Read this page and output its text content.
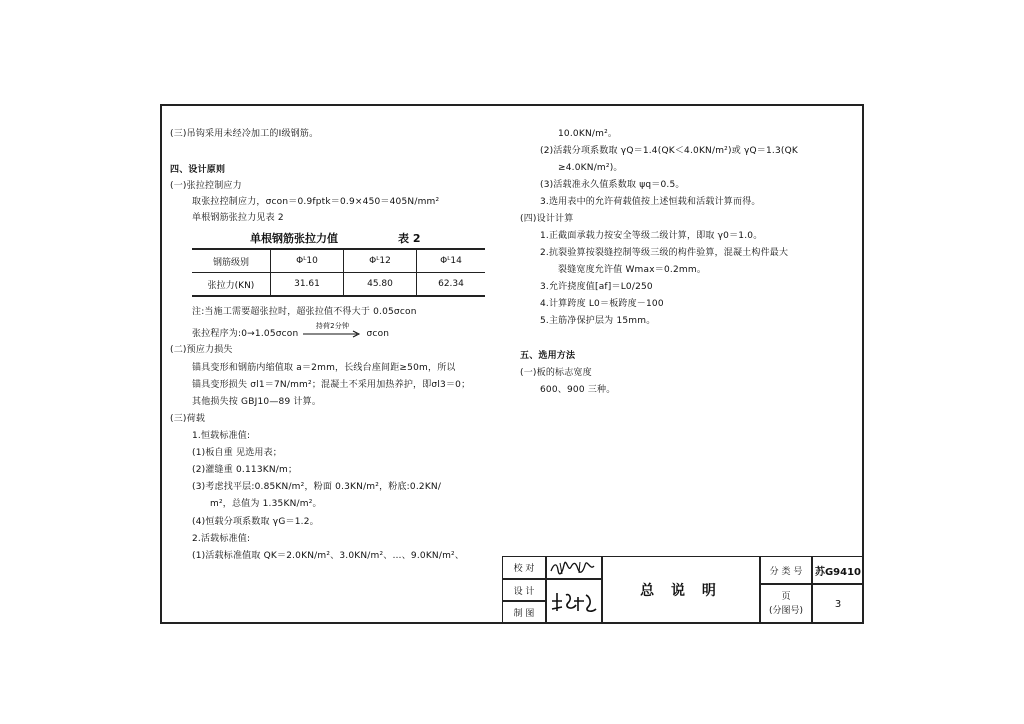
(三)吊钩采用未经冷加工的Ⅰ级钢筋。
四、设计原则
(一)张拉控制应力
取张拉控制应力，σcon＝0.9fptk＝0.9×450＝405N/mm²
单根钢筋张拉力见表 2
单根钢筋张拉力值	表 2
钢筋级别	Φᴸ10	Φᴸ12	Φᴸ14
张拉力(KN)	31.61	45.80	62.34
注:当施工需要超张拉时，超张拉值不得大于 0.05σcon
张拉程序为:0→1.05σcon
持荷2分钟
σcon
(二)预应力损失
锚具变形和钢筋内缩值取 a＝2mm，长线台座间距≥50m，所以
锚具变形损失 σl1＝7N/mm²；混凝土不采用加热养护，即σl3＝0；
其他损失按 GBJ10—89 计算。
(三)荷载
1.恒载标准值:
(1)板自重 见选用表；
(2)灌缝重 0.113KN/m；
(3)考虑找平层:0.85KN/m²，粉面 0.3KN/m²，粉底:0.2KN/
m²，总值为 1.35KN/m²。
(4)恒载分项系数取 γG＝1.2。
2.活载标准值:
(1)活载标准值取 QK＝2.0KN/m²、3.0KN/m²、…、9.0KN/m²、
10.0KN/m²。
(2)活载分项系数取 γQ＝1.4(QK＜4.0KN/m²)或 γQ＝1.3(QK
≥4.0KN/m²)。
(3)活载准永久值系数取 ψq＝0.5。
3.选用表中的允许荷载值按上述恒载和活载计算而得。
(四)设计计算
1.正截面承载力按安全等级二级计算，即取 γ0＝1.0。
2.抗裂验算按裂缝控制等级三级的构件验算，混凝土构件最大
裂缝宽度允许值 Wmax＝0.2mm。
3.允许挠度值[af]＝L0/250
4.计算跨度 L0＝板跨度－100
5.主筋净保护层为 15mm。
五、选用方法
(一)板的标志宽度
600、900 三种。
校 对
设 计
制 图
总 说 明
分 类 号	苏G9410
页
(分图号)
3
